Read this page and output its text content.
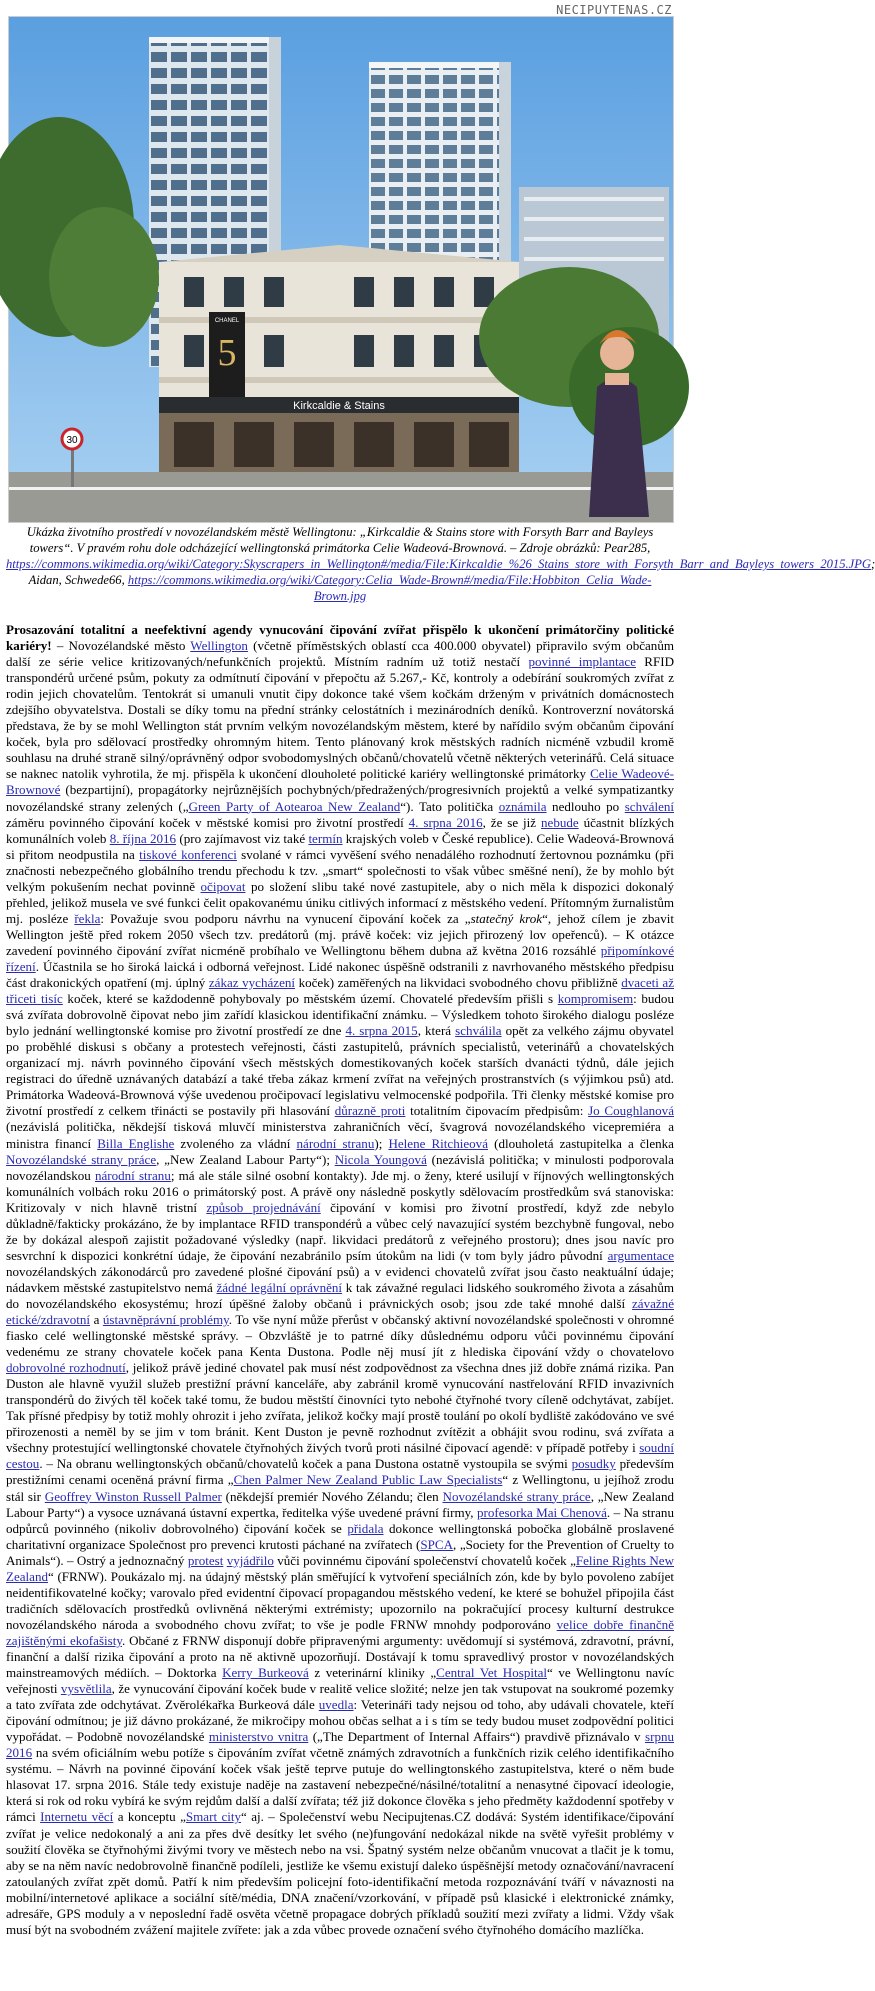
NECIPUYTENAS.CZ
5
Kirkcaldie & Stains
CHANEL
30
Ukázka životního prostředí v novozélandském městě Wellingtonu: „Kirkcaldie & Stains store with Forsyth Barr and Bayleys towers“. V pravém rohu dole odcházející wellingtonská primátorka Celie Wadeová-Brownová. – Zdroje obrázků: Pear285, https://commons.wikimedia.org/wiki/Category:Skyscrapers_in_Wellington#/media/File:Kirkcaldie_%26_Stains_store_with_Forsyth_Barr_and_Bayleys_towers_2015.JPG; Aidan, Schwede66, https://commons.wikimedia.org/wiki/Category:Celia_Wade-Brown#/media/File:Hobbiton_Celia_Wade-Brown.jpg
Prosazování totalitní a neefektivní agendy vynucování čipování zvířat přispělo k ukončení primátorčiny politické kariéry! – Novozélandské město Wellington (včetně příměstských oblastí cca 400.000 obyvatel) připravilo svým občanům další ze série velice kritizovaných/nefunkčních projektů. Místním radním už totiž nestačí povinné implantace RFID transpondérů určené psům, pokuty za odmítnutí čipování v přepočtu až 5.267,- Kč, kontroly a odebírání soukromých zvířat z rodin jejich chovatelům. Tentokrát si umanuli vnutit čipy dokonce také všem kočkám drženým v privátních domácnostech zdejšího obyvatelstva. Dostali se díky tomu na přední stránky celostátních i mezinárodních deníků. Kontroverzní novátorská představa, že by se mohl Wellington stát prvním velkým novozélandským městem, které by nařídilo svým občanům čipování koček, byla pro sdělovací prostředky ohromným hitem. Tento plánovaný krok městských radních nicméně vzbudil kromě souhlasu na druhé straně silný/oprávněný odpor svobodomyslných občanů/chovatelů včetně některých veterinářů. Celá situace se naknec natolik vyhrotila, že mj. přispěla k ukončení dlouholeté politické kariéry wellingtonské primátorky Celie Wadeové-Brownové (bezpartijní), propagátorky nejrůznějších pochybných/předražených/progresivních projektů a velké sympatizantky novozélandské strany zelených („Green Party of Aotearoa New Zealand“). Tato politička oznámila nedlouho po schválení záměru povinného čipování koček v městské komisi pro životní prostředí 4. srpna 2016, že se již nebude účastnit blízkých komunálních voleb 8. října 2016 (pro zajímavost viz také termín krajských voleb v České republice). Celie Wadeová-Brownová si přitom neodpustila na tiskové konferenci svolané v rámci vyvěšení svého nenadálého rozhodnutí žertovnou poznámku (při značnosti nebezpečného globálního trendu přechodu k tzv. „smart“ společnosti to však vůbec směšné není), že by mohlo být velkým pokušením nechat povinně očipovat po složení slibu také nové zastupitele, aby o nich měla k dispozici dokonalý přehled, jelikož musela ve své funkci čelit opakovanému úniku citlivých informací z městského vedení. Přítomným žurnalistům mj. posléze řekla: Považuje svou podporu návrhu na vynucení čipování koček za „statečný krok“, jehož cílem je zbavit Wellington ještě před rokem 2050 všech tzv. predátorů (mj. právě koček: viz jejich přirozený lov opeřenců). – K otázce zavedení povinného čipování zvířat nicméně probíhalo ve Wellingtonu během dubna až května 2016 rozsáhlé připomínkové řízení. Účastnila se ho široká laická i odborná veřejnost. Lidé nakonec úspěšně odstranili z navrhovaného městského předpisu část drakonických opatření (mj. úplný zákaz vycházení koček) zaměřených na likvidaci svobodného chovu přibližně dvaceti až třiceti tisíc koček, které se každodenně pohybovaly po městském území. Chovatelé především přišli s kompromisem: budou svá zvířata dobrovolně čipovat nebo jim zařídí klasickou identifikační známku. – Výsledkem tohoto širokého dialogu posléze bylo jednání wellingtonské komise pro životní prostředí ze dne 4. srpna 2015, která schválila opět za velkého zájmu obyvatel po proběhlé diskusi s občany a protestech veřejnosti, části zastupitelů, právních specialistů, veterinářů a chovatelských organizací mj. návrh povinného čipování všech městských domestikovaných koček starších dvanácti týdnů, dále jejich registraci do úředně uznávaných databází a také třeba zákaz krmení zvířat na veřejných prostranstvích (s výjimkou psů) atd. Primátorka Wadeová-Brownová výše uvedenou pročipovací legislativu velmocenské podpořila. Tři členky městské komise pro životní prostředí z celkem třinácti se postavily při hlasování důrazně proti totalitním čipovacím předpisům: Jo Coughlanová (nezávislá politička, někdejší tisková mluvčí ministerstva zahraničních věcí, švagrová novozélandského vicepremiéra a ministra financí Billa Englishe zvoleného za vládní národní stranu); Helene Ritchieová (dlouholetá zastupitelka a členka Novozélandské strany práce, „New Zealand Labour Party“); Nicola Youngová (nezávislá politička; v minulosti podporovala novozélandskou národní stranu; má ale stále silné osobní kontakty). Jde mj. o ženy, které usilují v říjnových wellingtonských komunálních volbách roku 2016 o primátorský post. A právě ony následně poskytly sdělovacím prostředkům svá stanoviska: Kritizovaly v nich hlavně tristní způsob projednávání čipování v komisi pro životní prostředí, když zde nebylo důkladně/fakticky prokázáno, že by implantace RFID transpondérů a vůbec celý navazující systém bezchybně fungoval, nebo že by dokázal alespoň zajistit požadované výsledky (např. likvidaci predátorů z veřejného prostoru); dnes jsou navíc pro sesvrchní k dispozici konkrétní údaje, že čipování nezabránilo psím útokům na lidi (v tom byly jádro původní argumentace novozélandských zákonodárců pro zavedené plošné čipování psů) a v evidenci chovatelů zvířat jsou často neaktuální údaje; nádavkem městské zastupitelstvo nemá žádné legální oprávnění k tak závažné regulaci lidského soukromého života a zásahům do novozélandského ekosystému; hrozí úpěšné žaloby občanů i právnických osob; jsou zde také mnohé další závažné etické/zdravotní a ústavněprávní problémy. To vše nyní může přerůst v občanský aktivní novozélandské společnosti v ohromné fiasko celé wellingtonské městské správy. – Obzvláště je to patrné díky důslednému odporu vůči povinnému čipování vedenému ze strany chovatele koček pana Kenta Dustona. Podle něj musí jít z hlediska čipování vždy o chovatelovo dobrovolné rozhodnutí, jelikož právě jediné chovatel pak musí nést zodpovědnost za všechna dnes již dobře známá rizika. Pan Duston ale hlavně využil služeb prestižní právní kanceláře, aby zabránil kromě vynucování nastřelování RFID invazivních transpondérů do živých těl koček také tomu, že budou městští činovníci tyto nebohé čtyřnohé tvory cíleně odchytávat, zabíjet. Tak přísné předpisy by totiž mohly ohrozit i jeho zvířata, jelikož kočky mají prostě toulání po okolí bydliště zakódováno ve své přirozenosti a neměl by se jim v tom bránit. Kent Duston je pevně rozhodnut zvítězit a obhájit svou rodinu, svá zvířata a všechny protestující wellingtonské chovatele čtyřnohých živých tvorů proti násilné čipovací agendě: v případě potřeby i soudní cestou. – Na obranu wellingtonských občanů/chovatelů koček a pana Dustona ostatně vystoupila se svými posudky především prestižními cenami oceněná právní firma „Chen Palmer New Zealand Public Law Specialists“ z Wellingtonu, u jejíhož zrodu stál sir Geoffrey Winston Russell Palmer (někdejší premiér Nového Zélandu; člen Novozélandské strany práce, „New Zealand Labour Party“) a vysoce uznávaná ústavní expertka, ředitelka výše uvedené právní firmy, profesorka Mai Chenová. – Na stranu odpůrců povinného (nikoliv dobrovolného) čipování koček se přidala dokonce wellingtonská pobočka globálně proslavené charitativní organizace Společnost pro prevenci krutosti páchané na zvířatech (SPCA, „Society for the Prevention of Cruelty to Animals“). – Ostrý a jednoznačný protest vyjádřilo vůči povinnému čipování společenství chovatelů koček „Feline Rights New Zealand“ (FRNW). Poukázalo mj. na údajný městský plán směřující k vytvoření speciálních zón, kde by bylo povoleno zabíjet neidentifikovatelné kočky; varovalo před evidentní čipovací propagandou městského vedení, ke které se bohužel připojila část tradičních sdělovacích prostředků ovlivněná některými extrémisty; upozornilo na pokračující procesy kulturní destrukce novozélandského národa a svobodného chovu zvířat; to vše je podle FRNW mnohdy podporováno velice dobře finančně zajištěnými ekofašisty. Občané z FRNW disponují dobře připravenými argumenty: uvědomují si systémová, zdravotní, právní, finanční a další rizika čipování a proto na ně aktivně upozorňují. Dostávají k tomu spravedlivý prostor v novozélandských mainstreamových médiích. – Doktorka Kerry Burkeová z veterinární kliniky „Central Vet Hospital“ ve Wellingtonu navíc veřejnosti vysvětlila, že vynucování čipování koček bude v realitě velice složité; nelze jen tak vstupovat na soukromé pozemky a tato zvířata zde odchytávat. Zvěrolékařka Burkeová dále uvedla: Veterináři tady nejsou od toho, aby udávali chovatele, kteří čipování odmítnou; je již dávno prokázané, že mikročipy mohou občas selhat a i s tím se tedy budou muset zodpovědní politici vypořádat. – Podobně novozélandské ministerstvo vnitra („The Department of Internal Affairs“) pravdivě přiznávalo v srpnu 2016 na svém oficiálním webu potíže s čipováním zvířat včetně známých zdravotních a funkčních rizik celého identifikačního systému. – Návrh na povinné čipování koček však ještě teprve putuje do wellingtonského zastupitelstva, které o něm bude hlasovat 17. srpna 2016. Stále tedy existuje naděje na zastavení nebezpečné/násilné/totalitní a nenasytné čipovací ideologie, která si rok od roku vybírá ke svým rejdům další a další zvířata; též již dokonce člověka s jeho předměty každodenní spotřeby v rámci Internetu věcí a konceptu „Smart city“ aj. – Společenství webu Necipujtenas.CZ dodává: Systém identifikace/čipování zvířat je velice nedokonalý a ani za přes dvě desítky let svého (ne)fungování nedokázal nikde na světě vyřešit problémy v soužití člověka se čtyřnohými živými tvory ve městech nebo na vsi. Špatný systém nelze občanům vnucovat a tlačit je k tomu, aby se na něm navíc nedobrovolně finančně podíleli, jestliže ke všemu existují daleko úspěšnější metody označování/navracení zatoulaných zvířat zpět domů. Patří k nim především policejní foto-identifikační metoda rozpoznávání tváří v návaznosti na mobilní/internetové aplikace a sociální sítě/média, DNA značení/vzorkování, v případě psů klasické i elektronické známky, adresáře, GPS moduly a v neposlední řadě osvěta včetně propagace dobrých příkladů soužití mezi zvířaty a lidmi. Vždy však musí být na svobodném zvážení majitele zvířete: jak a zda vůbec provede označení svého čtyřnohého domácího mazlíčka.
